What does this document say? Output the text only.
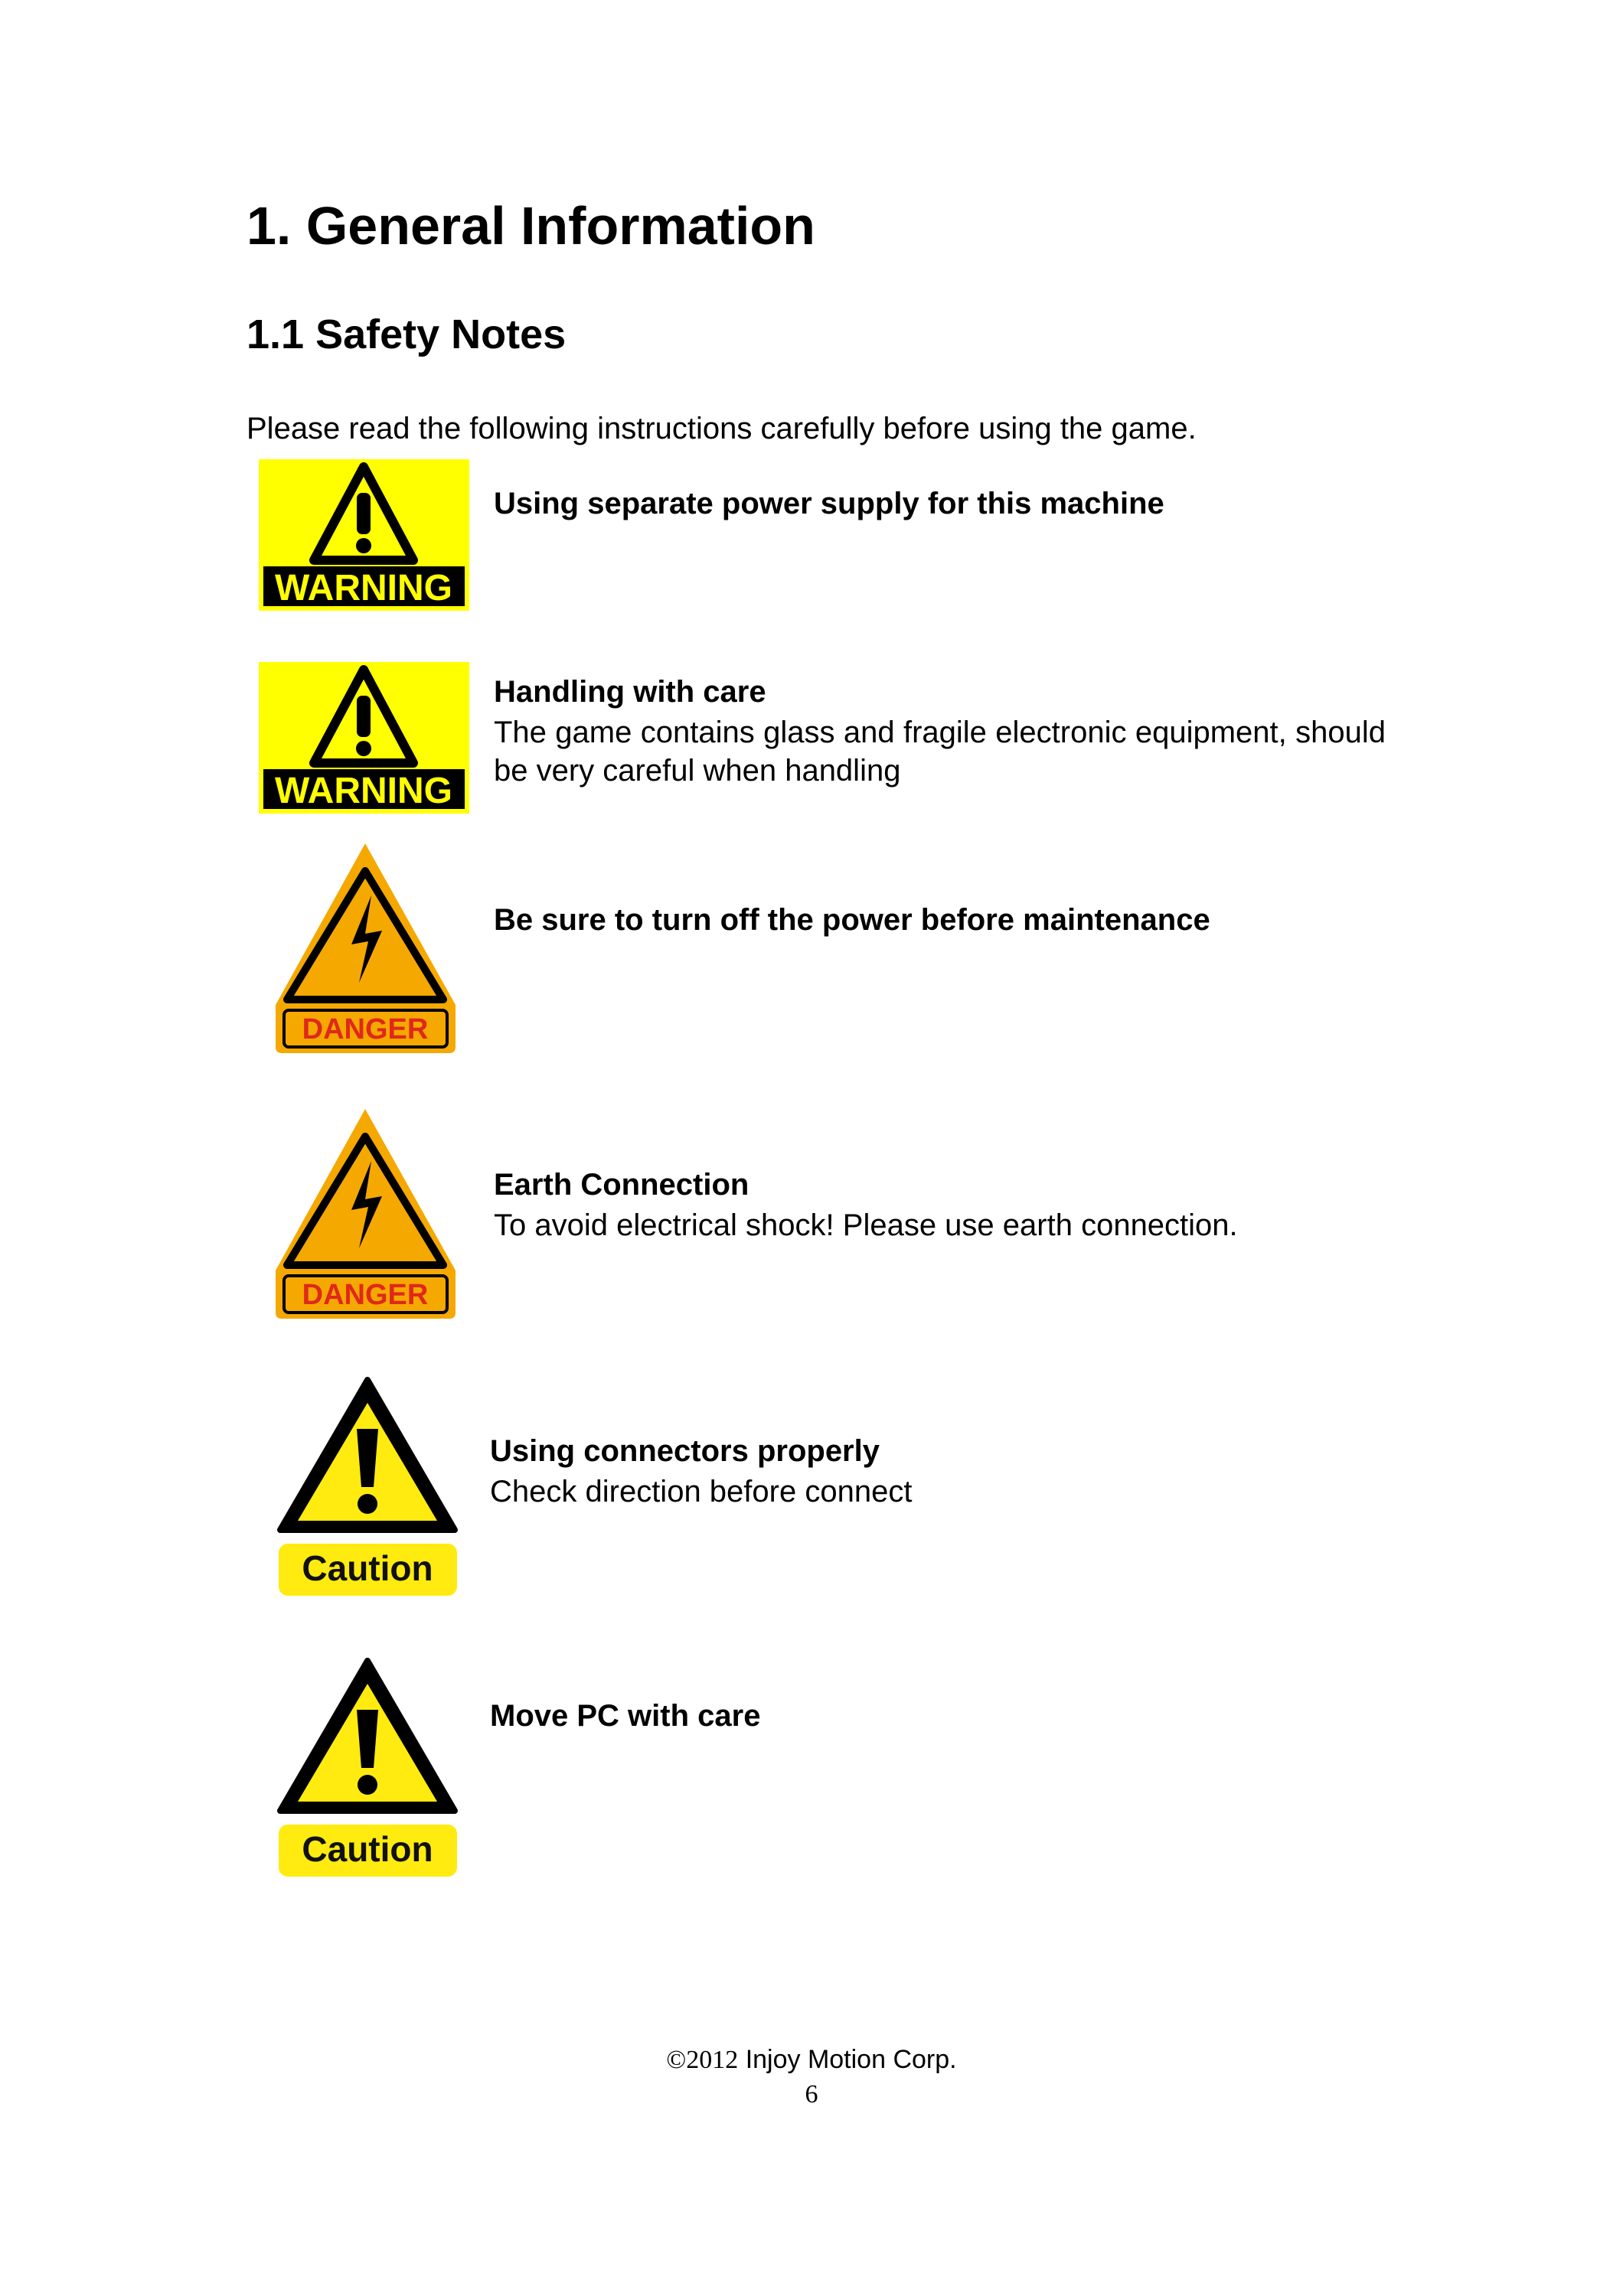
1. General Information
1.1 Safety Notes
Please read the following instructions carefully before using the game.
WARNING
Using separate power supply for this machine
WARNING
Handling with care
The game contains glass and fragile electronic equipment, should be very careful when handling
DANGER
Be sure to turn off the power before maintenance
DANGER
Earth Connection
To avoid electrical shock! Please use earth connection.
Caution
Using connectors properly
Check direction before connect
Caution
Move PC with care
©2012 Injoy Motion Corp.
6
